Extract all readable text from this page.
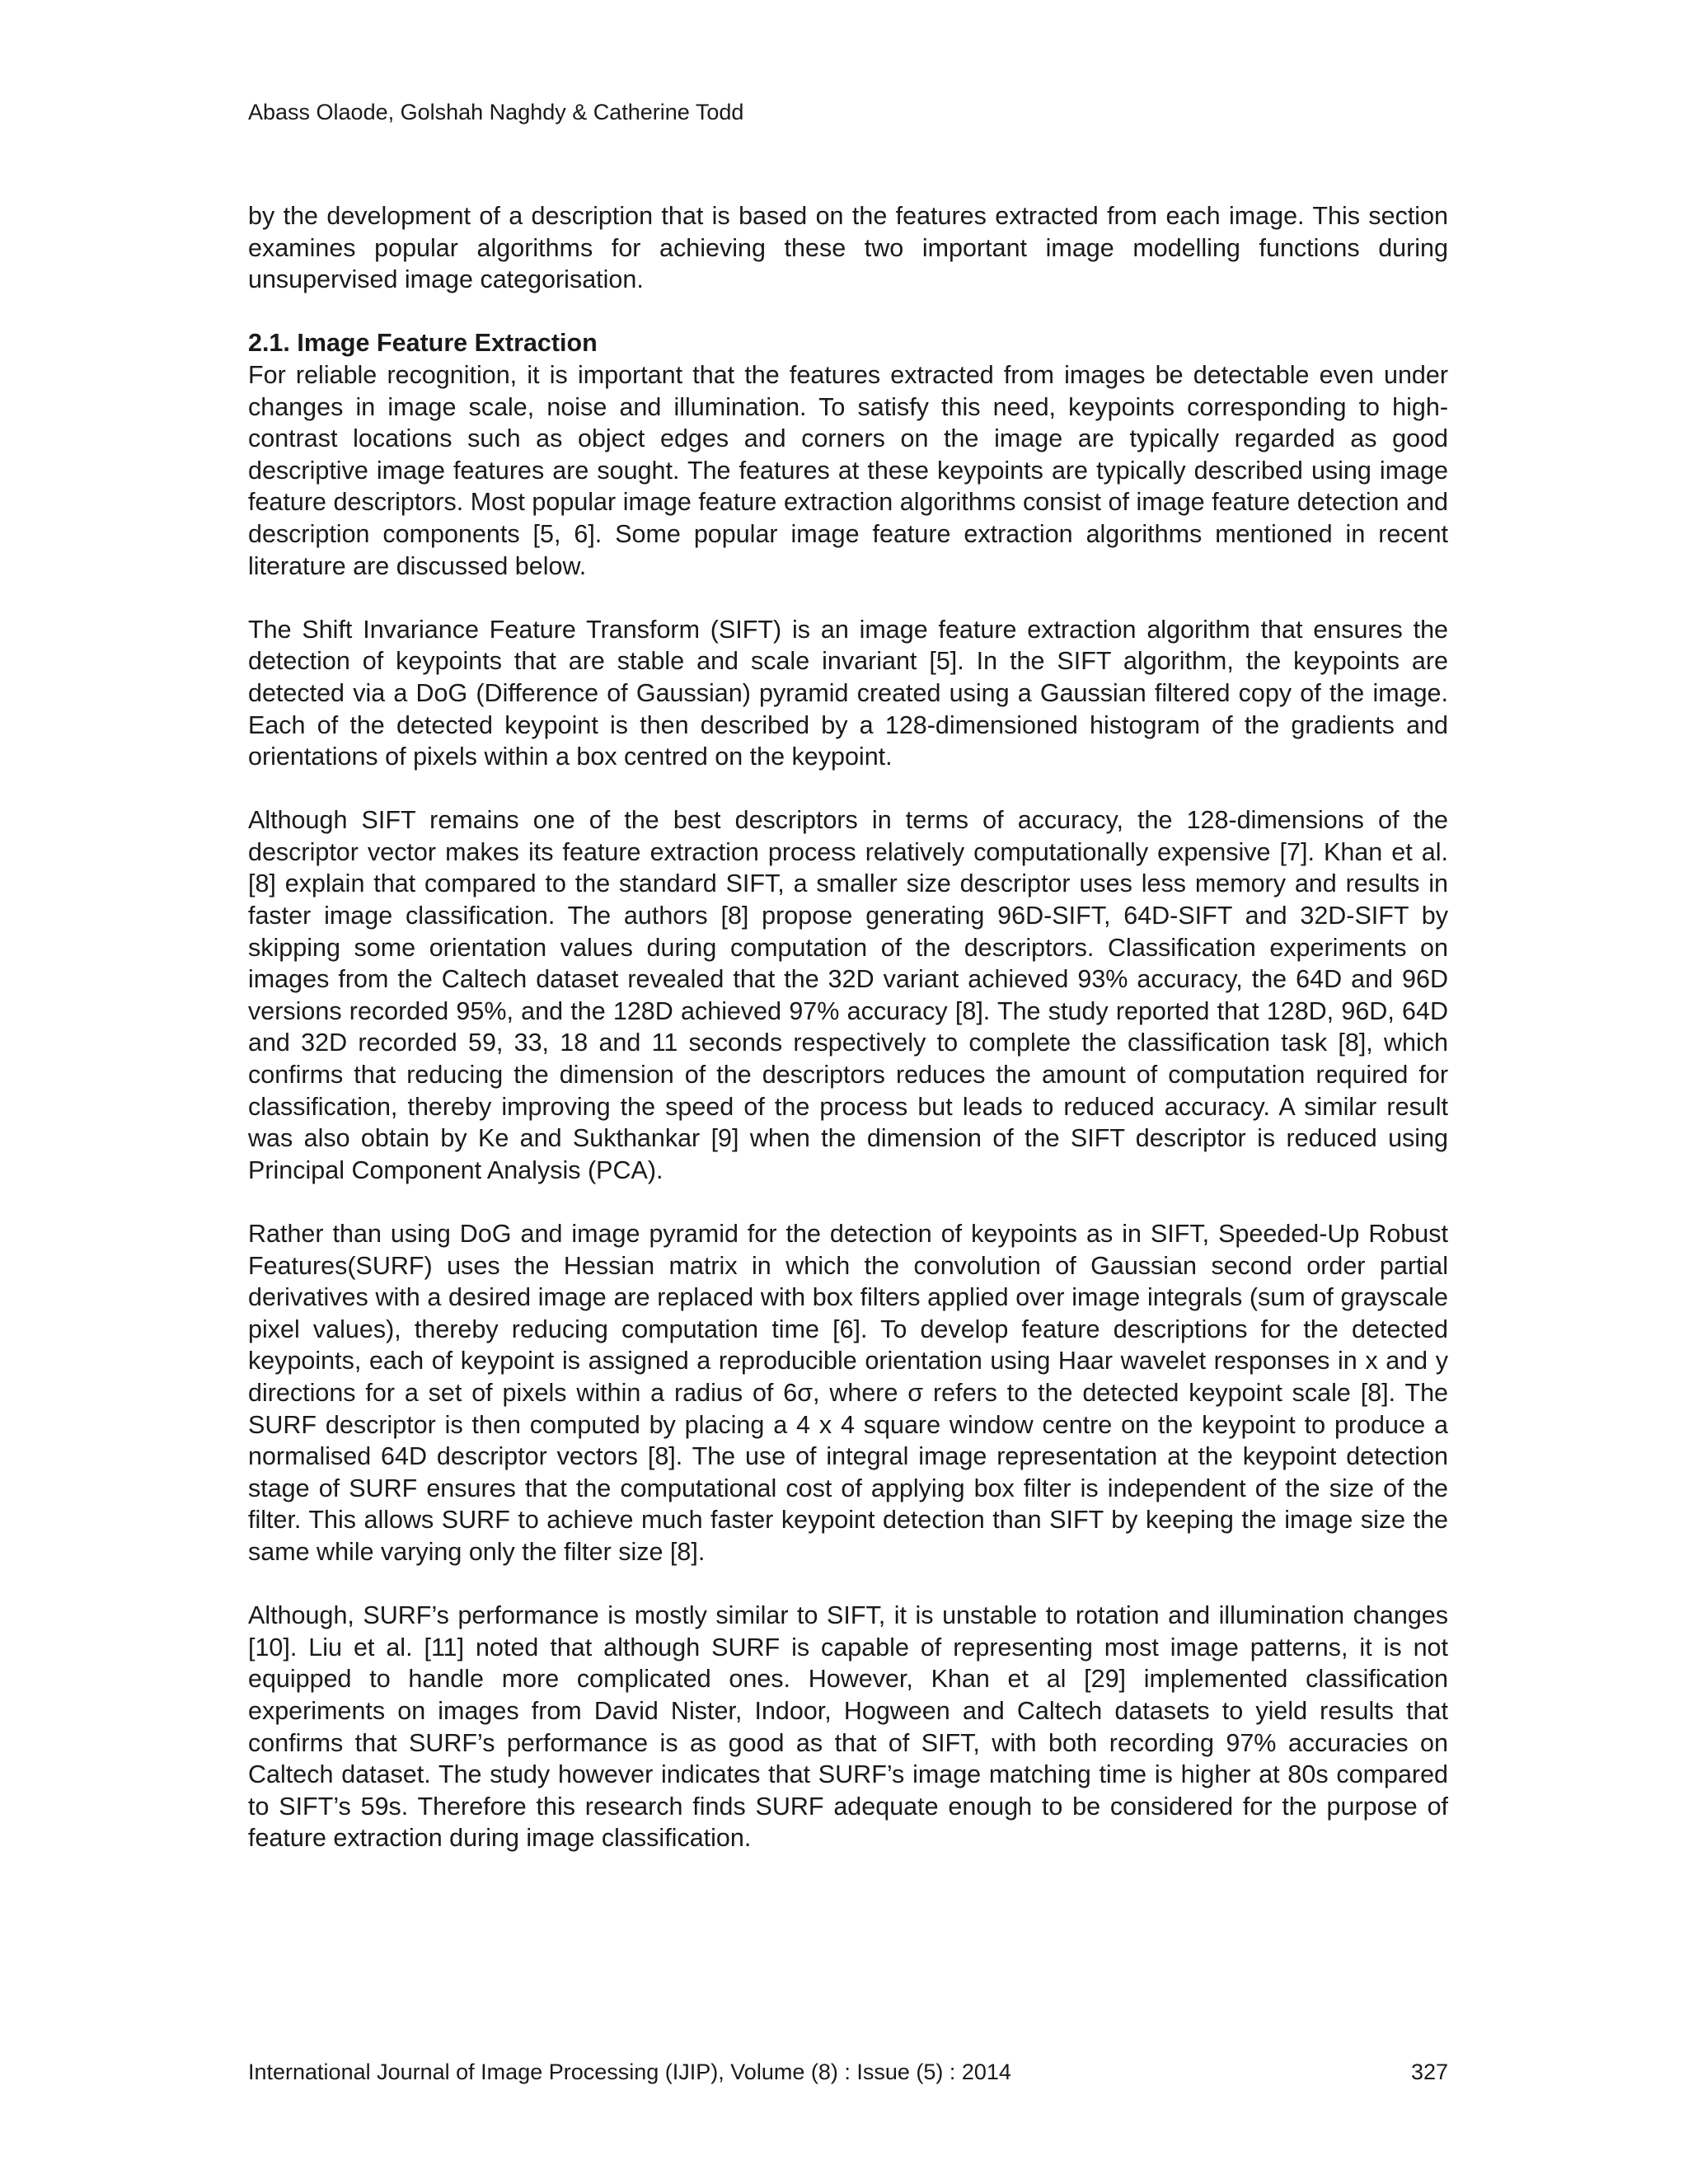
Abass Olaode, Golshah Naghdy & Catherine Todd

by the development of a description that is based on the features extracted from each image. This section examines popular algorithms for achieving these two important image modelling functions during unsupervised image categorisation.

2.1. Image Feature Extraction

For reliable recognition, it is important that the features extracted from images be detectable even under changes in image scale, noise and illumination. To satisfy this need, keypoints corresponding to high-contrast locations such as object edges and corners on the image are typically regarded as good descriptive image features are sought. The features at these keypoints are typically described using image feature descriptors. Most popular image feature extraction algorithms consist of image feature detection and description components [5, 6]. Some popular image feature extraction algorithms mentioned in recent literature are discussed below.

The Shift Invariance Feature Transform (SIFT) is an image feature extraction algorithm that ensures the detection of keypoints that are stable and scale invariant [5]. In the SIFT algorithm, the keypoints are detected via a DoG (Difference of Gaussian) pyramid created using a Gaussian filtered copy of the image. Each of the detected keypoint is then described by a 128-dimensioned histogram of the gradients and orientations of pixels within a box centred on the keypoint.

Although SIFT remains one of the best descriptors in terms of accuracy, the 128-dimensions of the descriptor vector makes its feature extraction process relatively computationally expensive [7]. Khan et al. [8] explain that compared to the standard SIFT, a smaller size descriptor uses less memory and results in faster image classification. The authors [8] propose generating 96D-SIFT, 64D-SIFT and 32D-SIFT by skipping some orientation values during computation of the descriptors. Classification experiments on images from the Caltech dataset revealed that the 32D variant achieved 93% accuracy, the 64D and 96D versions recorded 95%, and the 128D achieved 97% accuracy [8]. The study reported that 128D, 96D, 64D and 32D recorded 59, 33, 18 and 11 seconds respectively to complete the classification task [8], which confirms that reducing the dimension of the descriptors reduces the amount of computation required for classification, thereby improving the speed of the process but leads to reduced accuracy. A similar result was also obtain by Ke and Sukthankar [9] when the dimension of the SIFT descriptor is reduced using Principal Component Analysis (PCA).

Rather than using DoG and image pyramid for the detection of keypoints as in SIFT, Speeded-Up Robust Features(SURF) uses the Hessian matrix in which the convolution of Gaussian second order partial derivatives with a desired image are replaced with box filters applied over image integrals (sum of grayscale pixel values), thereby reducing computation time [6]. To develop feature descriptions for the detected keypoints, each of keypoint is assigned a reproducible orientation using Haar wavelet responses in x and y directions for a set of pixels within a radius of 6σ, where σ refers to the detected keypoint scale [8]. The SURF descriptor is then computed by placing a 4 x 4 square window centre on the keypoint to produce a normalised 64D descriptor vectors [8]. The use of integral image representation at the keypoint detection stage of SURF ensures that the computational cost of applying box filter is independent of the size of the filter. This allows SURF to achieve much faster keypoint detection than SIFT by keeping the image size the same while varying only the filter size [8].

Although, SURF’s performance is mostly similar to SIFT, it is unstable to rotation and illumination changes [10]. Liu et al. [11] noted that although SURF is capable of representing most image patterns, it is not equipped to handle more complicated ones. However, Khan et al [29] implemented classification experiments on images from David Nister, Indoor, Hogween and Caltech datasets to yield results that confirms that SURF’s performance is as good as that of SIFT, with both recording 97% accuracies on Caltech dataset. The study however indicates that SURF’s image matching time is higher at 80s compared to SIFT’s 59s. Therefore this research finds SURF adequate enough to be considered for the purpose of feature extraction during image classification.

International Journal of Image Processing (IJIP), Volume (8) : Issue (5) : 2014	327
